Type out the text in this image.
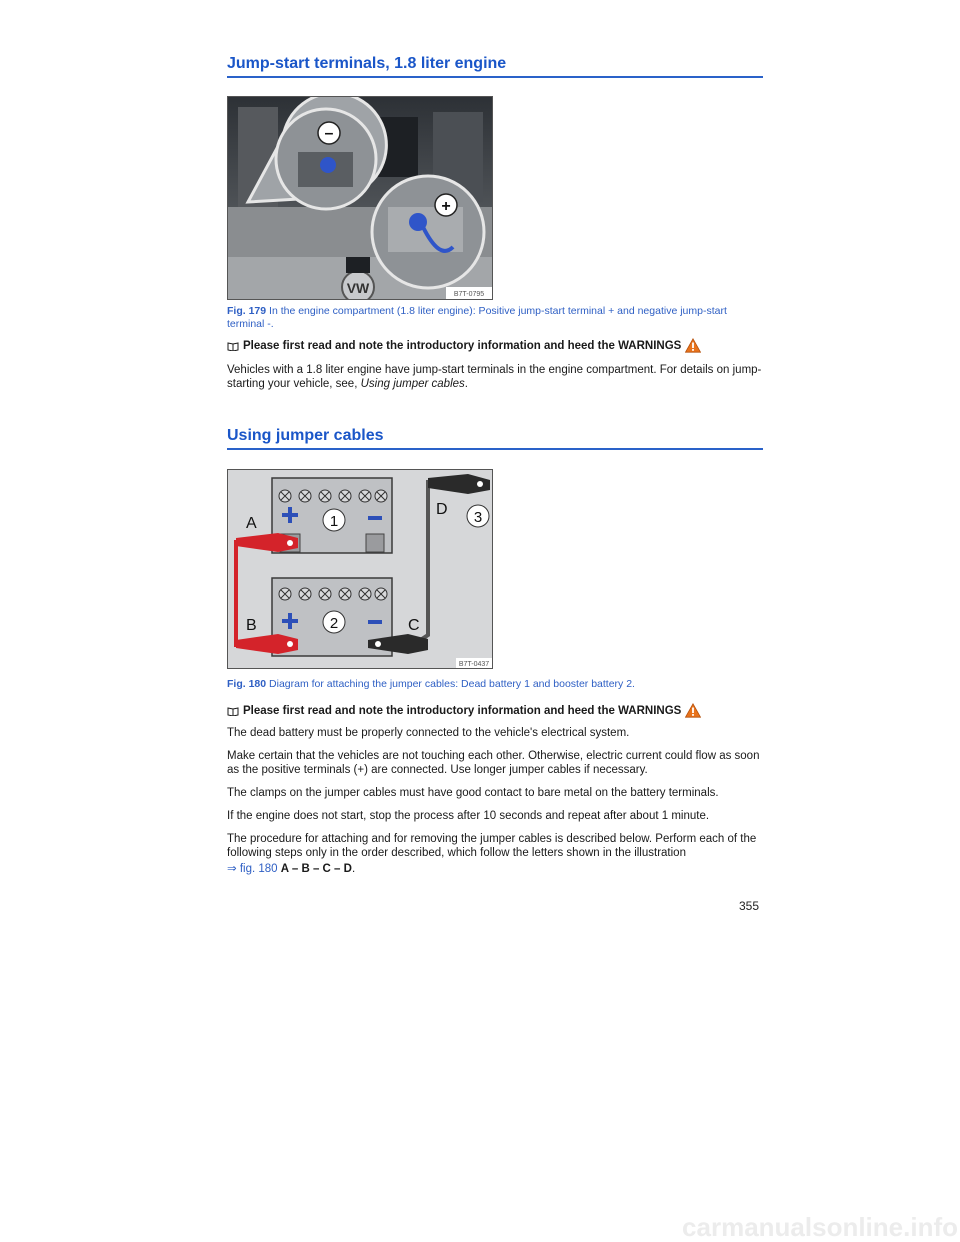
Jump-start terminals, 1.8 liter engine
VW
–
+
B7T-0795
Fig. 179 In the engine compartment (1.8 liter engine): Positive jump-start terminal + and negative jump-start terminal -.
Please first read and note the introductory information and heed the WARNINGS
Vehicles with a 1.8 liter engine have jump-start terminals in the engine compartment. For details on jump-starting your vehicle, see, Using jumper cables.
Using jumper cables
1
2
A
B	C
D 3
B7T-0437
Fig. 180 Diagram for attaching the jumper cables: Dead battery 1 and booster battery 2.
Please first read and note the introductory information and heed the WARNINGS
The dead battery must be properly connected to the vehicle's electrical system.
Make certain that the vehicles are not touching each other. Otherwise, electric current could flow as soon as the positive terminals (+) are connected. Use longer jumper cables if necessary.
The clamps on the jumper cables must have good contact to bare metal on the battery terminals.
If the engine does not start, stop the process after 10 seconds and repeat after about 1 minute.
The procedure for attaching and for removing the jumper cables is described below. Perform each of the following steps only in the order described, which follow the letters shown in the illustration
⇒ fig. 180 A – B – C – D.
355
carmanualsonline.info
